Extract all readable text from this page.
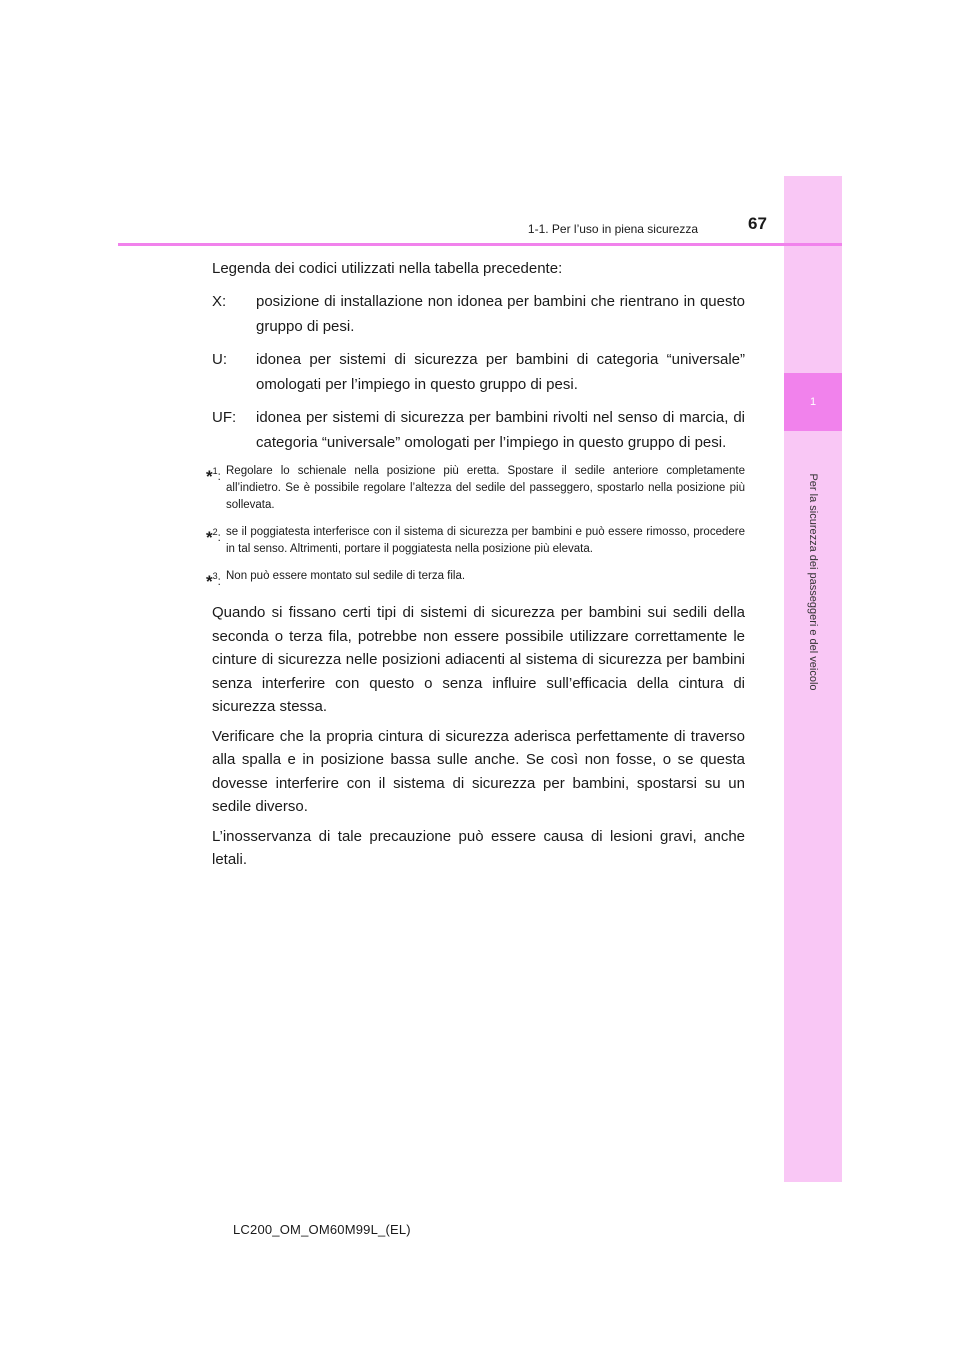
1
Per la sicurezza dei passeggeri e del veicolo
1-1. Per l’uso in piena sicurezza	67

Legenda dei codici utilizzati nella tabella precedente:

X:	posizione di installazione non idonea per bambini che rientrano in questo gruppo di pesi.
U:	idonea per sistemi di sicurezza per bambini di categoria “universale” omologati per l’impiego in questo gruppo di pesi.
UF:	idonea per sistemi di sicurezza per bambini rivolti nel senso di marcia, di categoria “universale” omologati per l’impiego in questo gruppo di pesi.
*$^1$: Regolare lo schienale nella posizione più eretta. Spostare il sedile anteriore completamente all’indietro. Se è possibile regolare l’altezza del sedile del passeggero, spostarlo nella posizione più sollevata.
*$^2$: se il poggiatesta interferisce con il sistema di sicurezza per bambini e può essere rimosso, procedere in tal senso. Altrimenti, portare il poggiatesta nella posizione più elevata.
*$^3$: Non può essere montato sul sedile di terza fila.

Quando si fissano certi tipi di sistemi di sicurezza per bambini sui sedili della seconda o terza fila, potrebbe non essere possibile utilizzare correttamente le cinture di sicurezza nelle posizioni adiacenti al sistema di sicurezza per bambini senza interferire con questo o senza influire sull’efficacia della cintura di sicurezza stessa.

Verificare che la propria cintura di sicurezza aderisca perfettamente di traverso alla spalla e in posizione bassa sulle anche. Se così non fosse, o se questa dovesse interferire con il sistema di sicurezza per bambini, spostarsi su un sedile diverso.

L’inosservanza di tale precauzione può essere causa di lesioni gravi, anche letali.

LC200_OM_OM60M99L_(EL)
